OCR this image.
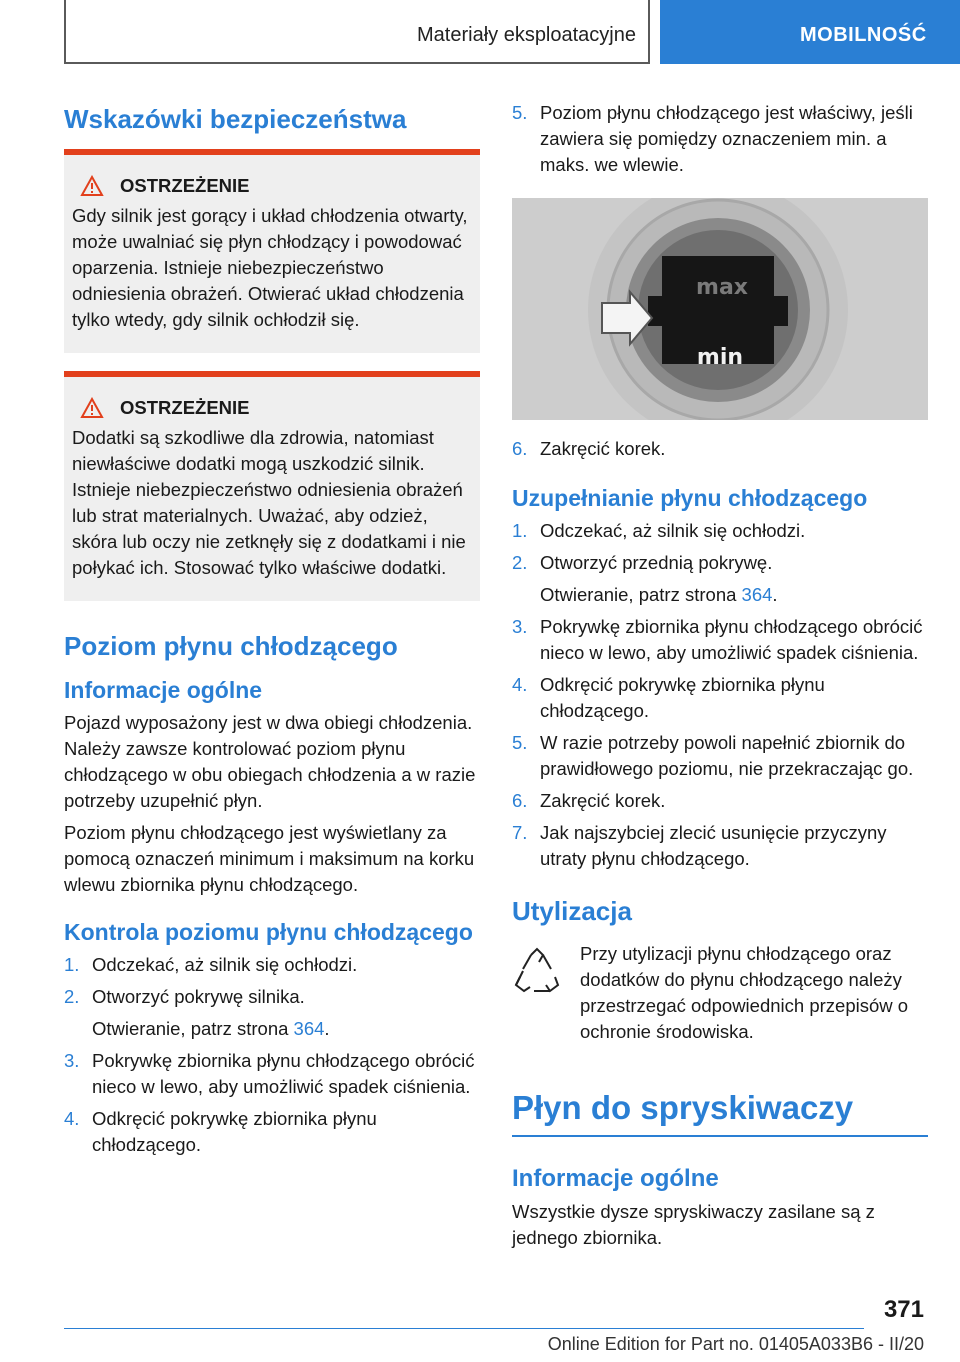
Materiały eksploatacyjne	MOBILNOŚĆ
Wskazówki bezpieczeństwa
OSTRZEŻENIE

Gdy silnik jest gorący i układ chłodzenia otwarty, może uwalniać się płyn chłodzący i powodować oparzenia. Istnieje niebezpieczeństwo odniesienia obrażeń. Otwierać układ chłodzenia tylko wtedy, gdy silnik ochłodził się.

OSTRZEŻENIE

Dodatki są szkodliwe dla zdrowia, natomiast niewłaściwe dodatki mogą uszkodzić silnik. Istnieje niebezpieczeństwo odniesienia obrażeń lub strat materialnych. Uważać, aby odzież, skóra lub oczy nie zetknęły się z dodatkami i nie połykać ich. Stosować tylko właściwe dodatki.

Poziom płynu chłodzącego
Informacje ogólne

Pojazd wyposażony jest w dwa obiegi chłodzenia. Należy zawsze kontrolować poziom płynu chłodzącego w obu obiegach chłodzenia a w razie potrzeby uzupełnić płyn.

Poziom płynu chłodzącego jest wyświetlany za pomocą oznaczeń minimum i maksimum na korku wlewu zbiornika płynu chłodzącego.

Kontrola poziomu płynu chłodzącego
1. Odczekać, aż silnik się ochłodzi.
2. Otworzyć pokrywę silnika.
Otwieranie, patrz strona 364.
3. Pokrywkę zbiornika płynu chłodzącego obrócić nieco w lewo, aby umożliwić spadek ciśnienia.
4. Odkręcić pokrywkę zbiornika płynu chłodzącego.
5. Poziom płynu chłodzącego jest właściwy, jeśli zawiera się pomiędzy oznaczeniem min. a maks. we wlewie.
max
min
6. Zakręcić korek.
Uzupełnianie płynu chłodzącego
1. Odczekać, aż silnik się ochłodzi.
2. Otworzyć przednią pokrywę.
Otwieranie, patrz strona 364.
3. Pokrywkę zbiornika płynu chłodzącego obrócić nieco w lewo, aby umożliwić spadek ciśnienia.
4. Odkręcić pokrywkę zbiornika płynu chłodzącego.
5. W razie potrzeby powoli napełnić zbiornik do prawidłowego poziomu, nie przekraczając go.
6. Zakręcić korek.
7. Jak najszybciej zlecić usunięcie przyczyny utraty płynu chłodzącego.
Utylizacja
Przy utylizacji płynu chłodzącego oraz dodatków do płynu chłodzącego należy przestrzegać odpowiednich przepisów o ochronie środowiska.
Płyn do spryskiwaczy
Informacje ogólne

Wszystkie dysze spryskiwaczy zasilane są z jednego zbiornika.

371
Online Edition for Part no. 01405A033B6 - II/20
